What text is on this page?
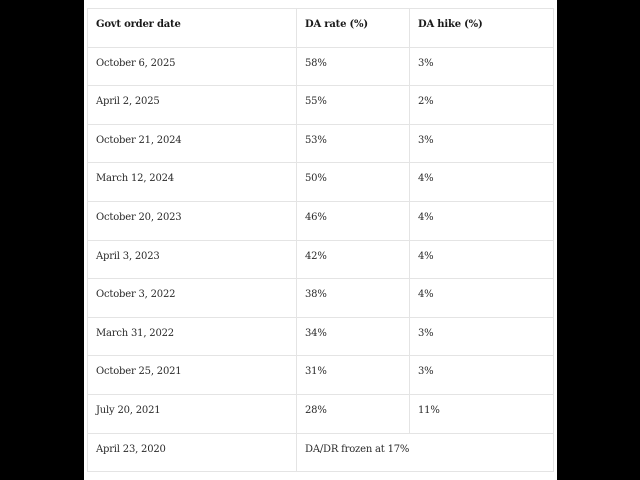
Govt order date	DA rate (%)	DA hike (%)
October 6, 2025	58%	3%
April 2, 2025	55%	2%
October 21, 2024	53%	3%
March 12, 2024	50%	4%
October 20, 2023	46%	4%
April 3, 2023	42%	4%
October 3, 2022	38%	4%
March 31, 2022	34%	3%
October 25, 2021	31%	3%
July 20, 2021	28%	11%
April 23, 2020	DA/DR frozen at 17%	
